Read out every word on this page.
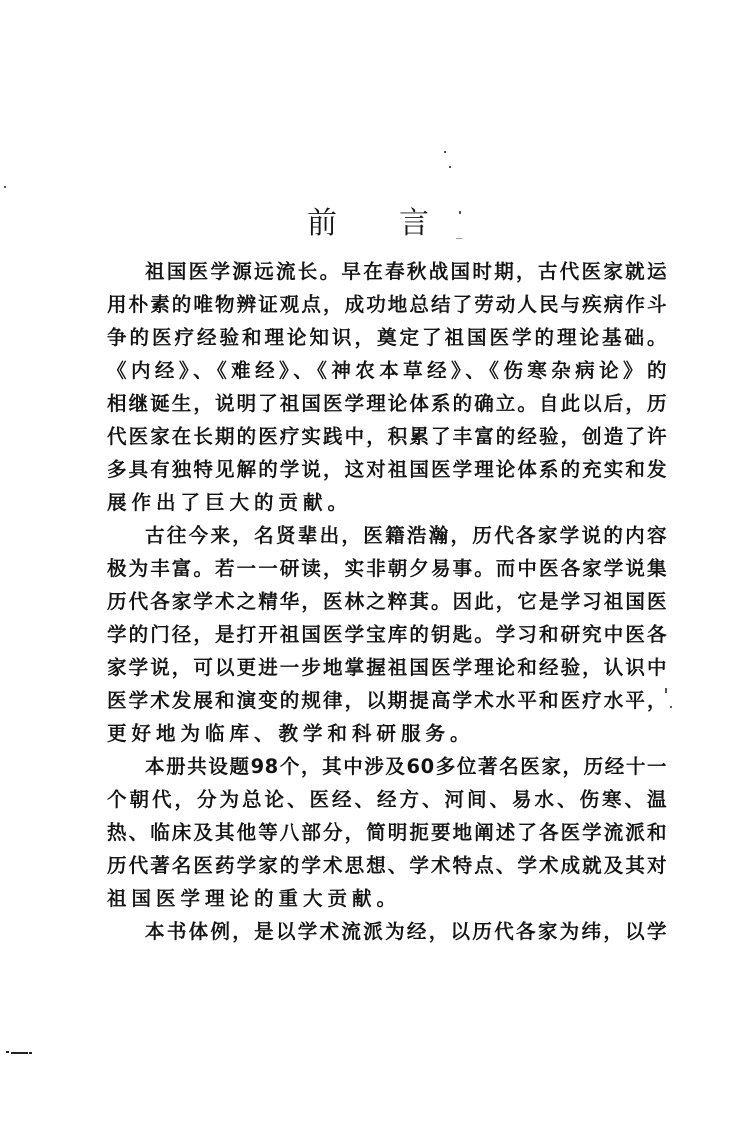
前 言
祖国医学源远流长。早在春秋战国时期，古代医家就运
用朴素的唯物辨证观点，成功地总结了劳动人民与疾病作斗
争的医疗经验和理论知识，奠定了祖国医学的理论基础。
《内经》、《难经》、《神农本草经》、《伤寒杂病论》的
相继诞生，说明了祖国医学理论体系的确立。自此以后，历
代医家在长期的医疗实践中，积累了丰富的经验，创造了许
多具有独特见解的学说，这对祖国医学理论体系的充实和发
展作出了巨大的贡献。
古往今来，名贤辈出，医籍浩瀚，历代各家学说的内容
极为丰富。若一一研读，实非朝夕易事。而中医各家学说集
历代各家学术之精华，医林之粹萁。因此，它是学习祖国医
学的门径，是打开祖国医学宝库的钥匙。学习和研究中医各
家学说，可以更进一步地掌握祖国医学理论和经验，认识中
医学术发展和演变的规律，以期提高学术水平和医疗水平，
更好地为临库、教学和科研服务。
本册共设题98个，其中涉及60多位著名医家，历经十一
个朝代，分为总论、医经、经方、河间、易水、伤寒、温
热、临床及其他等八部分，简明扼要地阐述了各医学流派和
历代著名医药学家的学术思想、学术特点、学术成就及其对
祖国医学理论的重大贡献。
本书体例，是以学术流派为经，以历代各家为纬，以学
